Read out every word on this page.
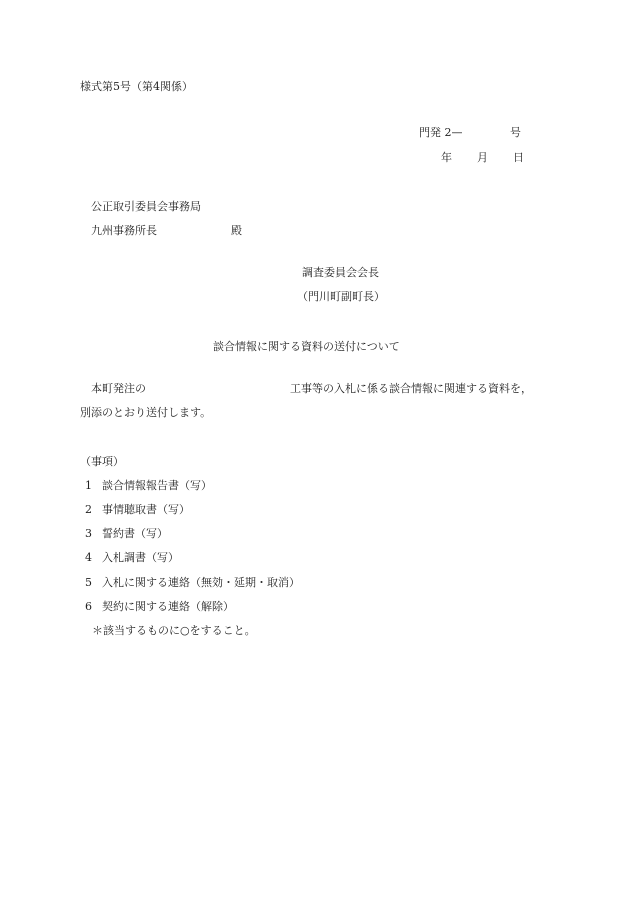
様式第5号（第4関係）
門発 2—	号
年 月 日
公正取引委員会事務局
九州事務所長	殿
調査委員会会長
（門川町副町長）
談合情報に関する資料の送付について
本町発注の	工事等の入札に係る談合情報に関連する資料を，
別添のとおり送付します。
（事項）
1 談合情報報告書（写）
2 事情聴取書（写）
3 誓約書（写）
4 入札調書（写）
5 入札に関する連絡（無効・延期・取消）
6 契約に関する連絡（解除）
＊該当するものに○をすること。
